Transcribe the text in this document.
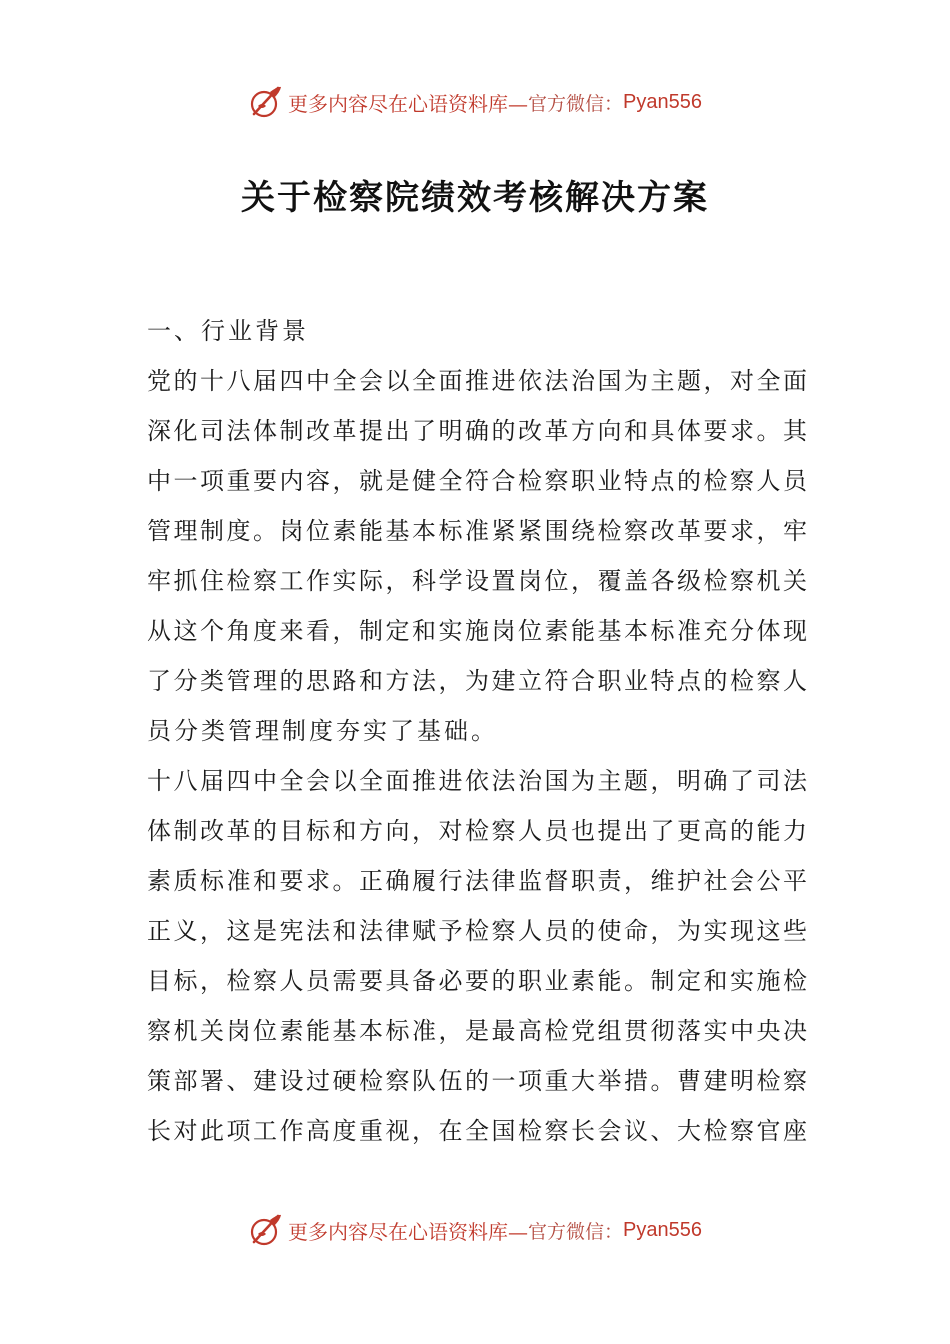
更多内容尽在心语资料库— 官方微信： Pyan556
关于检察院绩效考核解决方案
一、行业背景
党的十八届四中全会以全面推进依法治国为主题，对全面
深化司法体制改革提出了明确的改革方向和具体要求。其
中一项重要内容，就是健全符合检察职业特点的检察人员
管理制度。岗位素能基本标准紧紧围绕检察改革要求，牢
牢抓住检察工作实际，科学设置岗位，覆盖各级检察机关
从这个角度来看，制定和实施岗位素能基本标准充分体现
了分类管理的思路和方法，为建立符合职业特点的检察人
员分类管理制度夯实了基础。
十八届四中全会以全面推进依法治国为主题，明确了司法
体制改革的目标和方向，对检察人员也提出了更高的能力
素质标准和要求。正确履行法律监督职责，维护社会公平
正义，这是宪法和法律赋予检察人员的使命，为实现这些
目标，检察人员需要具备必要的职业素能。制定和实施检
察机关岗位素能基本标准，是最高检党组贯彻落实中央决
策部署、建设过硬检察队伍的一项重大举措。曹建明检察
长对此项工作高度重视，在全国检察长会议、大检察官座
更多内容尽在心语资料库— 官方微信： Pyan556
